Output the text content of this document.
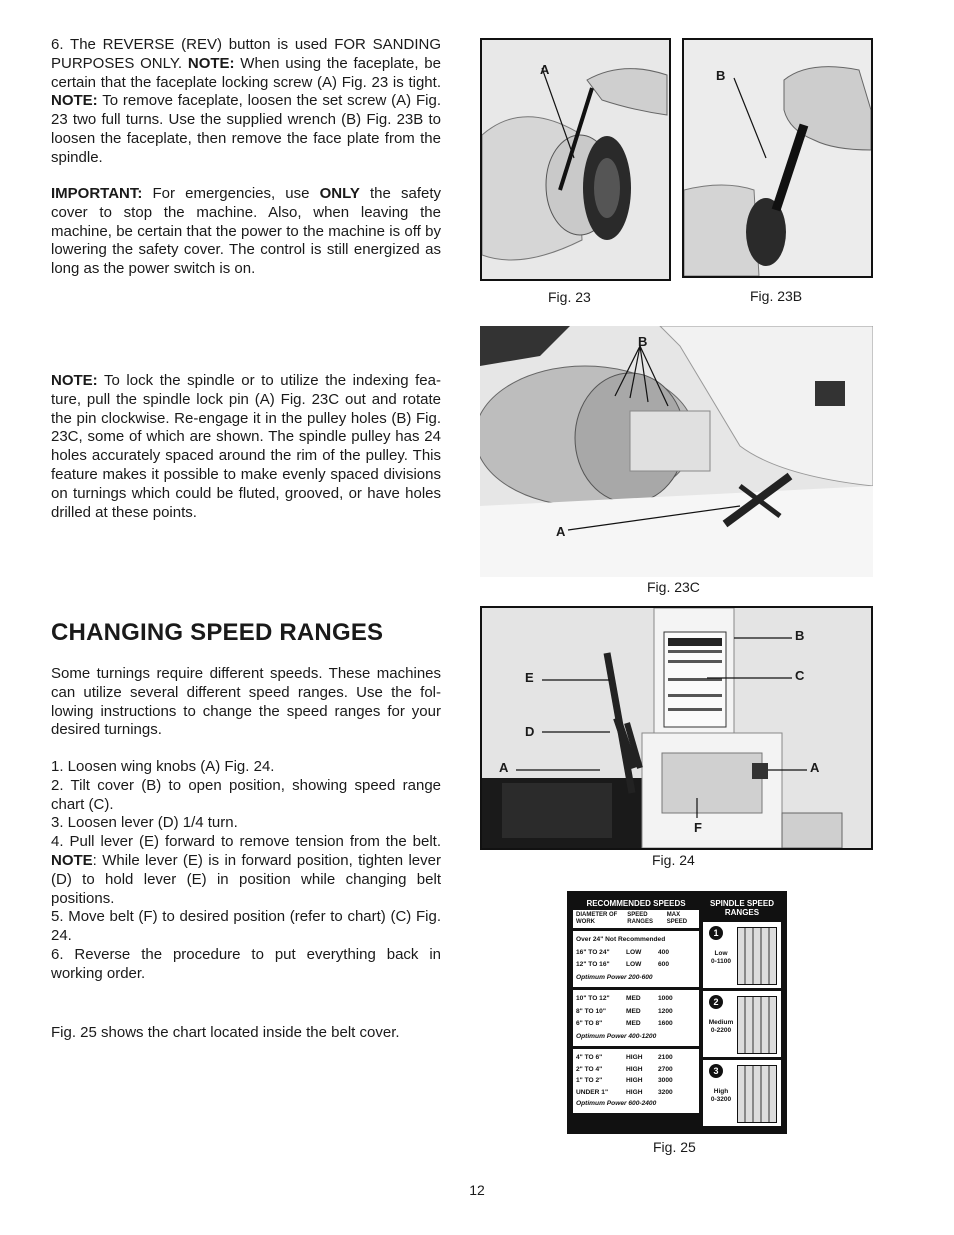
6. The REVERSE (REV) button is used FOR SANDING PURPOSES ONLY. NOTE: When using the faceplate, be certain that the faceplate locking screw (A) Fig. 23 is tight. NOTE: To remove faceplate, loosen the set screw (A) Fig. 23 two full turns. Use the supplied wrench (B) Fig. 23B to loosen the faceplate, then remove the face plate from the spindle.

IMPORTANT: For emergencies, use ONLY the safety cover to stop the machine. Also, when leaving the machine, be certain that the power to the machine is off by lowering the safety cover. The control is still energized as long as the power switch is on.

NOTE: To lock the spindle or to utilize the indexing fea-ture, pull the spindle lock pin (A) Fig. 23C out and rotate the pin clockwise. Re-engage it in the pulley holes (B) Fig. 23C, some of which are shown. The spindle pulley has 24 holes accurately spaced around the rim of the pulley. This feature makes it possible to make evenly spaced divisions on turnings which could be fluted, grooved, or have holes drilled at these points.

CHANGING SPEED RANGES

Some turnings require different speeds. These machines can utilize several different speed ranges. Use the fol-lowing instructions to change the speed ranges for your desired turnings.

1. Loosen wing knobs (A) Fig. 24.
2. Tilt cover (B) to open position, showing speed range chart (C).
3. Loosen lever (D) 1/4 turn.
4. Pull lever (E) forward to remove tension from the belt. NOTE: While lever (E) is in forward position, tighten lever (D) to hold lever (E) in position while changing belt positions.
5. Move belt (F) to desired position (refer to chart) (C) Fig. 24.
6. Reverse the procedure to put everything back in working order.

Fig. 25 shows the chart located inside the belt cover.

A
Fig. 23
B
Fig. 23B
B
A
Fig. 23C
E
D
A
B
C
A
F
Fig. 24
RECOMMENDED SPEEDS
DIAMETER OF WORK
SPEED RANGES
MAX SPEED
Over 24" Not Recommended
16" TO 24"	LOW	400
12" TO 16"	LOW	600
Optimum Power 200-600
10" TO 12"	MED	1000
8" TO 10"	MED	1200
6" TO 8"	MED	1600
Optimum Power 400-1200
4" TO 6"	HIGH	2100
2" TO 4"	HIGH	2700
1" TO 2"	HIGH	3000
UNDER 1"	HIGH	3200
Optimum Power 600-2400
SPINDLE SPEED RANGES
1
Low
0-1100
2
Medium
0-2200
3
High
0-3200
Fig. 25
12
